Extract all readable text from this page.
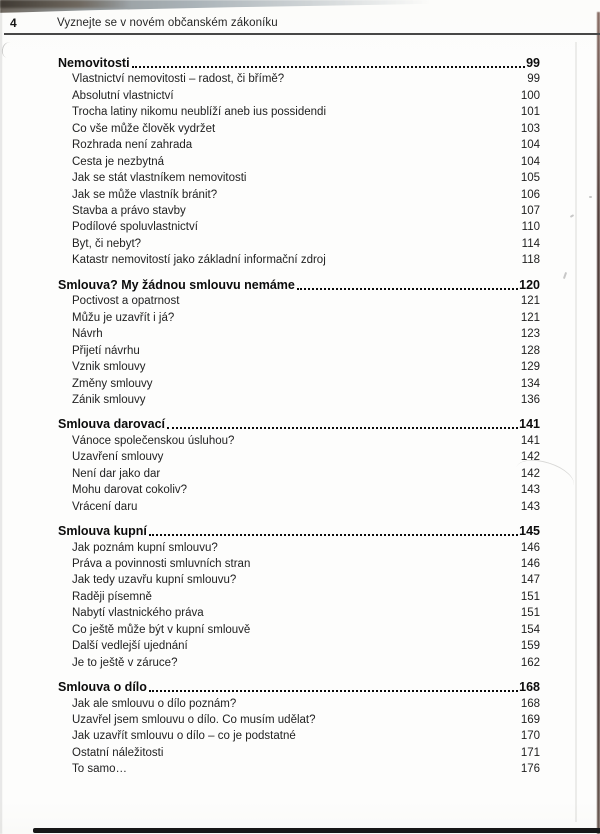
4	Vyznejte se v novém občanském zákoníku
Nemovitosti	99
Vlastnictví nemovitosti – radost, či břímě?	99
Absolutní vlastnictví	100
Trocha latiny nikomu neublíží aneb ius possidendi	101
Co vše může člověk vydržet	103
Rozhrada není zahrada	104
Cesta je nezbytná	104
Jak se stát vlastníkem nemovitosti	105
Jak se může vlastník bránit?	106
Stavba a právo stavby	107
Podílové spoluvlastnictví	110
Byt, či nebyt?	114
Katastr nemovitostí jako základní informační zdroj	118
Smlouva? My žádnou smlouvu nemáme	120
Poctivost a opatrnost	121
Můžu je uzavřít i já?	121
Návrh	123
Přijetí návrhu	128
Vznik smlouvy	129
Změny smlouvy	134
Zánik smlouvy	136
Smlouva darovací	141
Vánoce společenskou úsluhou?	141
Uzavření smlouvy	142
Není dar jako dar	142
Mohu darovat cokoliv?	143
Vrácení daru	143
Smlouva kupní	145
Jak poznám kupní smlouvu?	146
Práva a povinnosti smluvních stran	146
Jak tedy uzavřu kupní smlouvu?	147
Raději písemně	151
Nabytí vlastnického práva	151
Co ještě může být v kupní smlouvě	154
Další vedlejší ujednání	159
Je to ještě v záruce?	162
Smlouva o dílo	168
Jak ale smlouvu o dílo poznám?	168
Uzavřel jsem smlouvu o dílo. Co musím udělat?	169
Jak uzavřít smlouvu o dílo – co je podstatné	170
Ostatní náležitosti	171
To samo…	176
